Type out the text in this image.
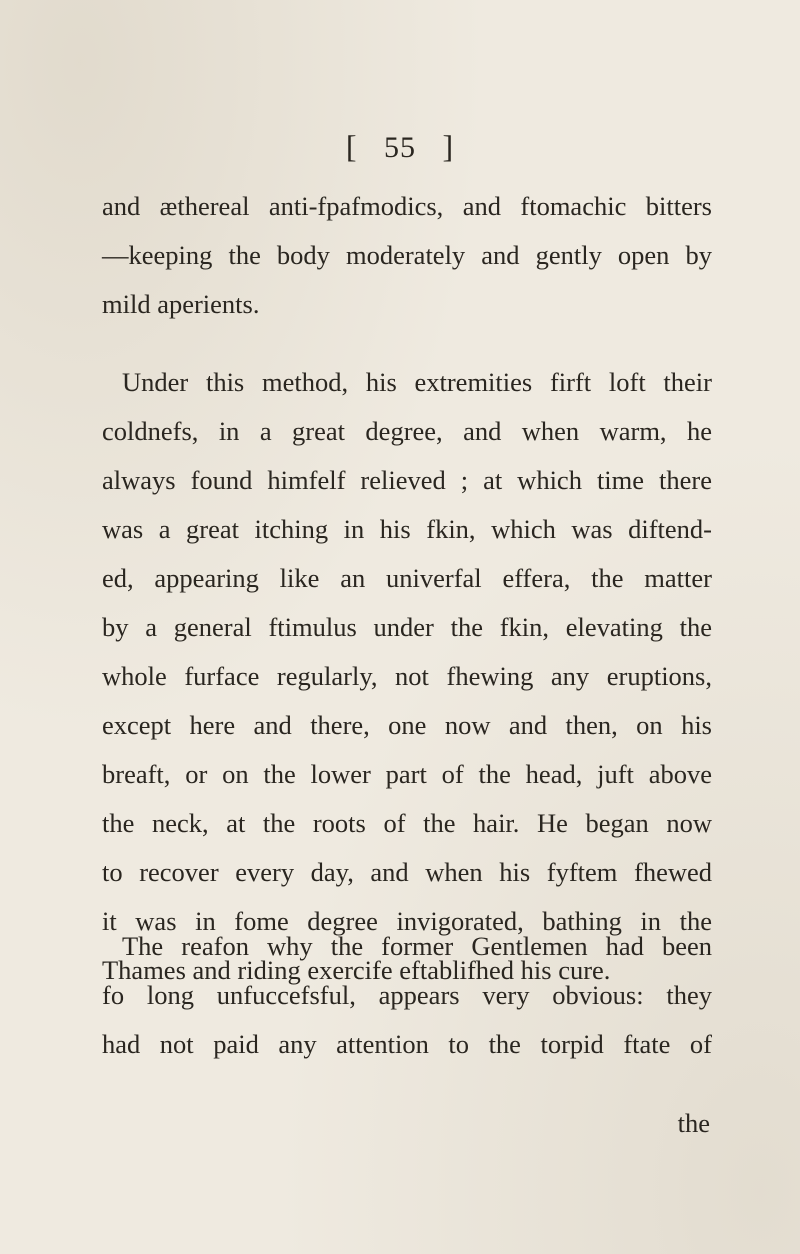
[ 55 ]

and æthereal anti-fpafmodics, and ftomachic bitters
—keeping the body moderately and gently open by
mild aperients.

Under this method, his extremities firft loft their
coldnefs, in a great degree, and when warm, he
always found himfelf relieved ; at which time there
was a great itching in his fkin, which was diftend-
ed, appearing like an univerfal effera, the matter
by a general ftimulus under the fkin, elevating the
whole furface regularly, not fhewing any eruptions,
except here and there, one now and then, on his
breaft, or on the lower part of the head, juft above
the neck, at the roots of the hair. He began now
to recover every day, and when his fyftem fhewed
it was in fome degree invigorated, bathing in the
Thames and riding exercife eftablifhed his cure.

The reafon why the former Gentlemen had been
fo long unfuccefsful, appears very obvious: they
had not paid any attention to the torpid ftate of

the
